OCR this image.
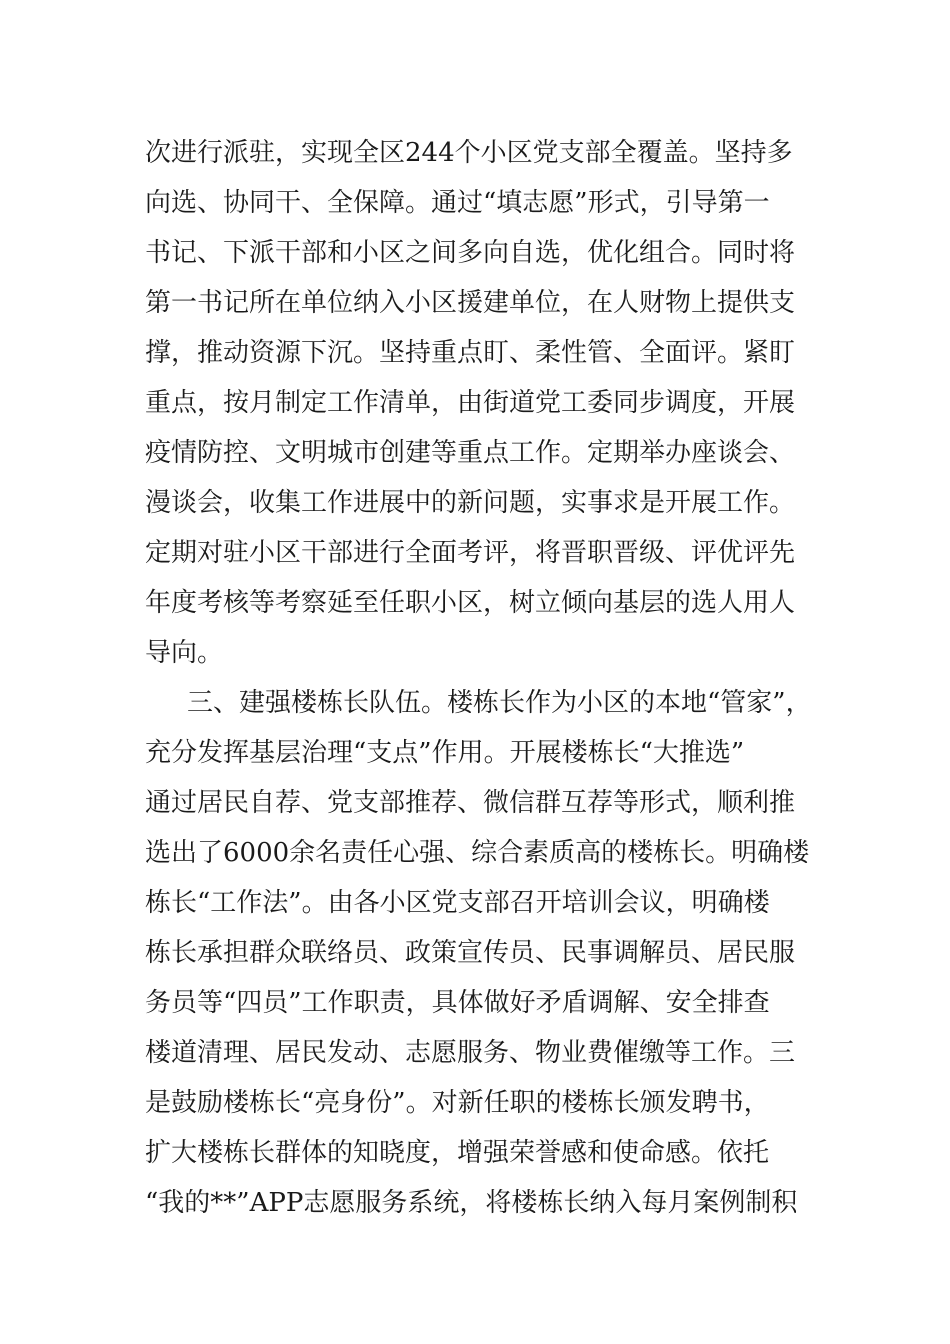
次进行派驻，实现全区244个小区党支部全覆盖。坚持多
向选、协同干、全保障。通过“填志愿”形式，引导第一
书记、下派干部和小区之间多向自选，优化组合。同时将
第一书记所在单位纳入小区援建单位，在人财物上提供支
撑，推动资源下沉。坚持重点盯、柔性管、全面评。紧盯
重点，按月制定工作清单，由街道党工委同步调度，开展
疫情防控、文明城市创建等重点工作。定期举办座谈会、
漫谈会，收集工作进展中的新问题，实事求是开展工作。
定期对驻小区干部进行全面考评，将晋职晋级、评优评先
年度考核等考察延至任职小区，树立倾向基层的选人用人
导向。
三、建强楼栋长队伍。楼栋长作为小区的本地“管家”，
充分发挥基层治理“支点”作用。开展楼栋长“大推选”
通过居民自荐、党支部推荐、微信群互荐等形式，顺利推
选出了6000余名责任心强、综合素质高的楼栋长。明确楼
栋长“工作法”。由各小区党支部召开培训会议，明确楼
栋长承担群众联络员、政策宣传员、民事调解员、居民服
务员等“四员”工作职责，具体做好矛盾调解、安全排查
楼道清理、居民发动、志愿服务、物业费催缴等工作。三
是鼓励楼栋长“亮身份”。对新任职的楼栋长颁发聘书，
扩大楼栋长群体的知晓度，增强荣誉感和使命感。依托
“我的**”APP志愿服务系统，将楼栋长纳入每月案例制积
